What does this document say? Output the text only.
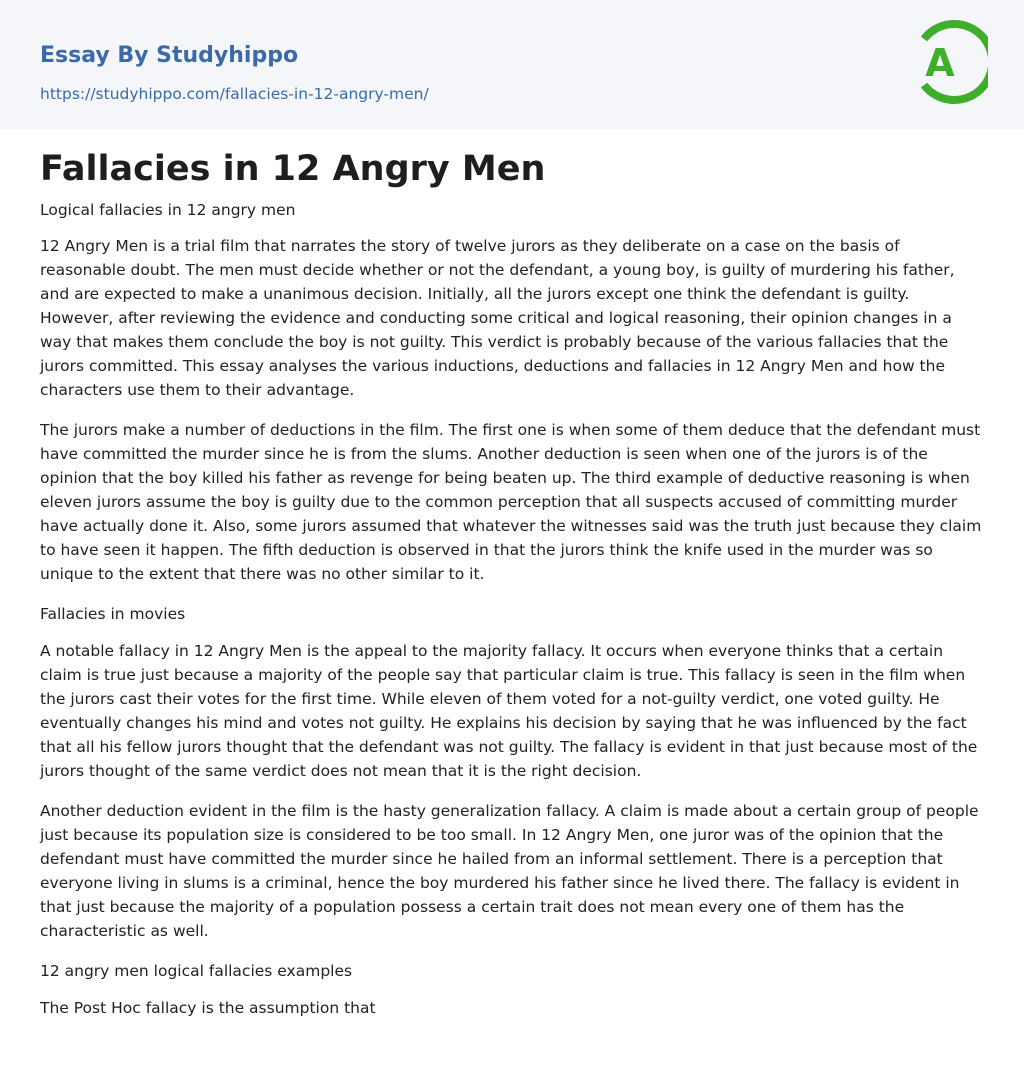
Essay By Studyhippo
https://studyhippo.com/fallacies-in-12-angry-men/
A
Fallacies in 12 Angry Men
Logical fallacies in 12 angry men

12 Angry Men is a trial film that narrates the story of twelve jurors as they deliberate on a case on the basis of reasonable doubt. The men must decide whether or not the defendant, a young boy, is guilty of murdering his father, and are expected to make a unanimous decision. Initially, all the jurors except one think the defendant is guilty. However, after reviewing the evidence and conducting some critical and logical reasoning, their opinion changes in a way that makes them conclude the boy is not guilty. This verdict is probably because of the various fallacies that the jurors committed. This essay analyses the various inductions, deductions and fallacies in 12 Angry Men and how the characters use them to their advantage.

The jurors make a number of deductions in the film. The first one is when some of them deduce that the defendant must have committed the murder since he is from the slums. Another deduction is seen when one of the jurors is of the opinion that the boy killed his father as revenge for being beaten up. The third example of deductive reasoning is when eleven jurors assume the boy is guilty due to the common perception that all suspects accused of committing murder have actually done it. Also, some jurors assumed that whatever the witnesses said was the truth just because they claim to have seen it happen. The fifth deduction is observed in that the jurors think the knife used in the murder was so unique to the extent that there was no other similar to it.

Fallacies in movies

A notable fallacy in 12 Angry Men is the appeal to the majority fallacy. It occurs when everyone thinks that a certain claim is true just because a majority of the people say that particular claim is true. This fallacy is seen in the film when the jurors cast their votes for the first time. While eleven of them voted for a not-guilty verdict, one voted guilty. He eventually changes his mind and votes not guilty. He explains his decision by saying that he was influenced by the fact that all his fellow jurors thought that the defendant was not guilty. The fallacy is evident in that just because most of the jurors thought of the same verdict does not mean that it is the right decision.

Another deduction evident in the film is the hasty generalization fallacy. A claim is made about a certain group of people just because its population size is considered to be too small. In 12 Angry Men, one juror was of the opinion that the defendant must have committed the murder since he hailed from an informal settlement. There is a perception that everyone living in slums is a criminal, hence the boy murdered his father since he lived there. The fallacy is evident in that just because the majority of a population possess a certain trait does not mean every one of them has the characteristic as well.

12 angry men logical fallacies examples

The Post Hoc fallacy is the assumption that
